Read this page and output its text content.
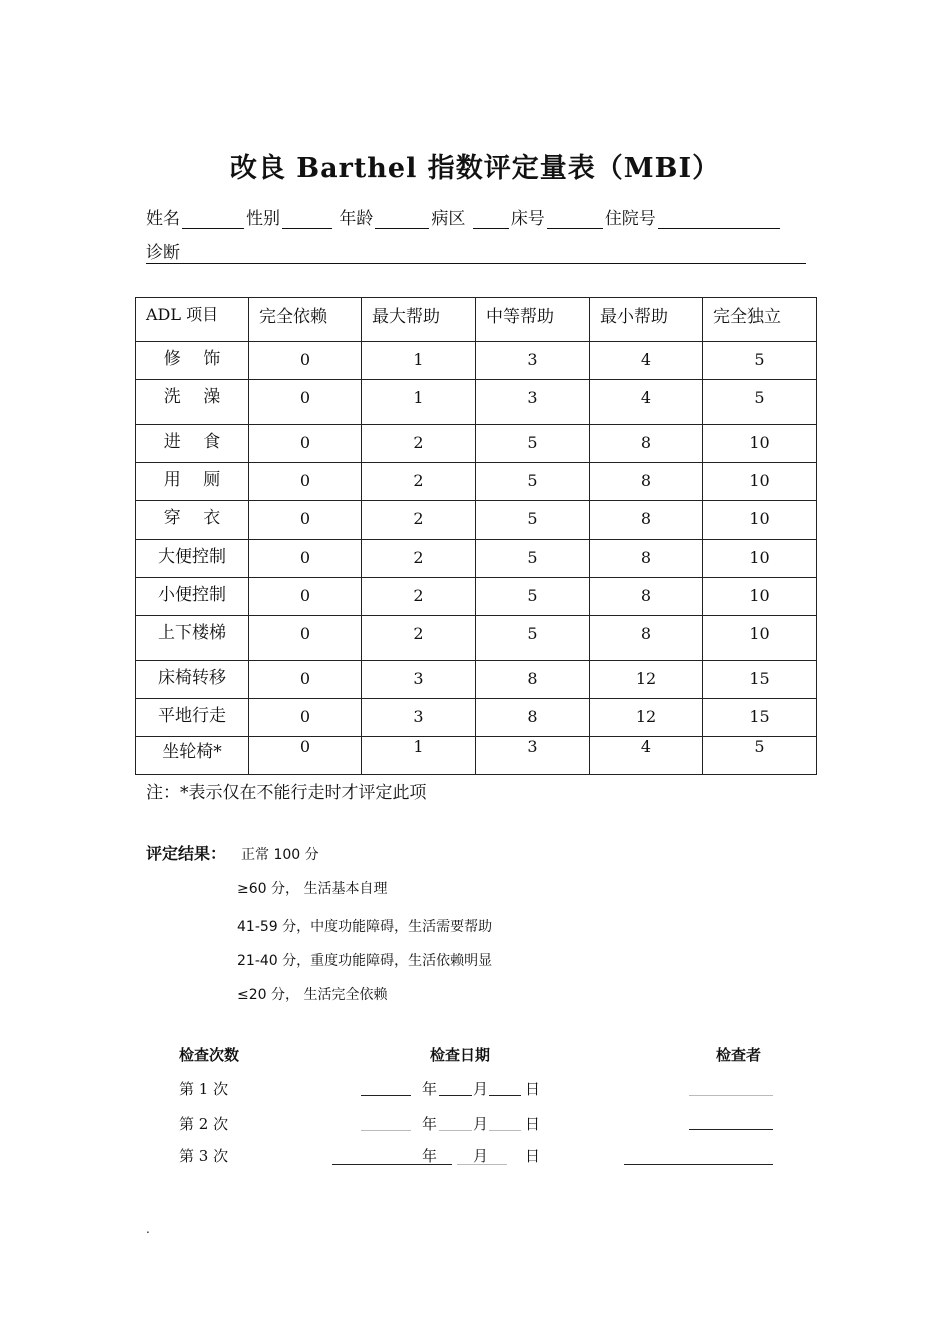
改良 Barthel 指数评定量表（MBI）
姓名	性别	年龄	病区	床号	住院号
诊断
ADL 项目	完全依赖	最大帮助	中等帮助	最小帮助	完全独立
修　 饰	0	1	3	4	5
洗　 澡	0	1	3	4	5
进　 食	0	2	5	8	10
用　 厕	0	2	5	8	10
穿　 衣	0	2	5	8	10
大便控制	0	2	5	8	10
小便控制	0	2	5	8	10
上下楼梯	0	2	5	8	10
床椅转移	0	3	8	12	15
平地行走	0	3	8	12	15
坐轮椅*	0	1	3	4	5
注：*表示仅在不能行走时才评定此项
评定结果： 正常 100 分
≥60 分， 生活基本自理
41-59 分，中度功能障碍，生活需要帮助
21-40 分，重度功能障碍，生活依赖明显
≤20 分， 生活完全依赖
检查次数	检查日期	检查者
第 1 次	年 月 日
第 2 次	年 月 日
第 3 次	年 月 日
.
